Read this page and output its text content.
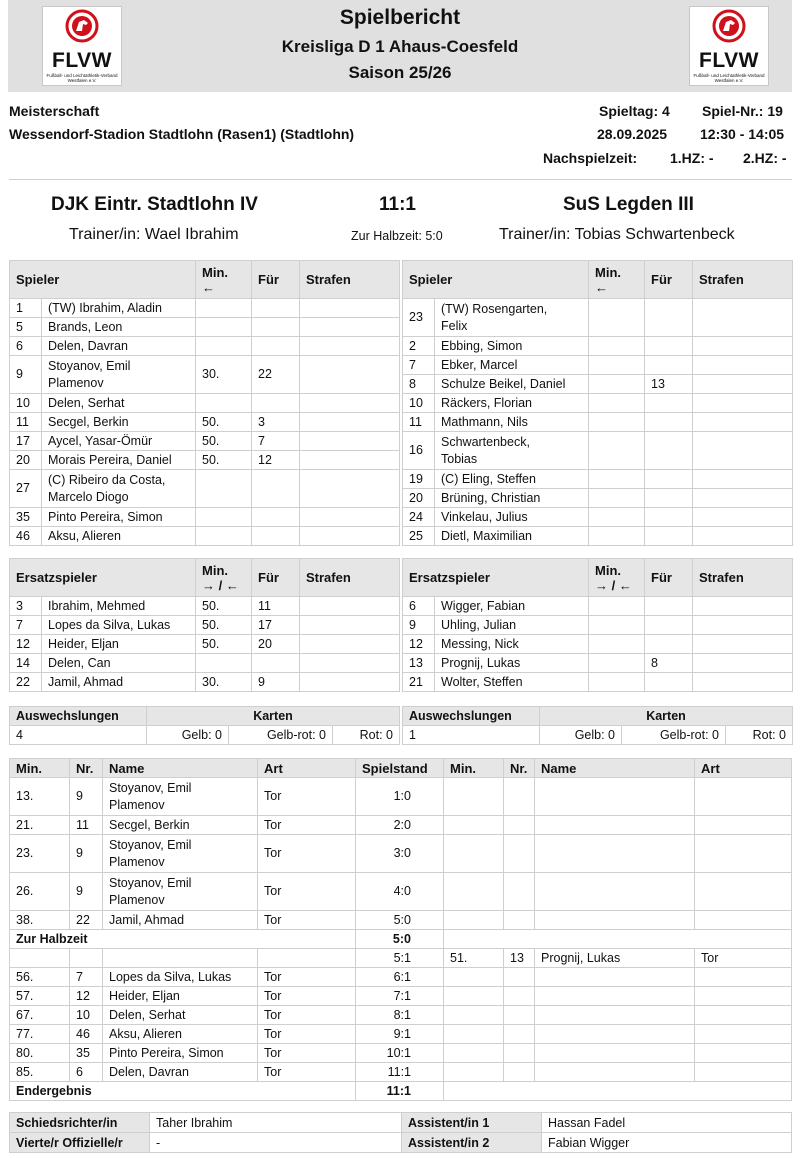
FLVW
Fußball- und Leichtathletik-Verband Westfalen e.V.
Spielbericht
Kreisliga D 1 Ahaus-Coesfeld
Saison 25/26
FLVW
Fußball- und Leichtathletik-Verband Westfalen e.V.
Meisterschaft
Wessendorf-Stadion Stadtlohn (Rasen1) (Stadtlohn)
Spieltag: 4 Spiel-Nr.: 19
28.09.2025 12:30 - 14:05
Nachspielzeit: 1.HZ: - 2.HZ: -
DJK Eintr. Stadtlohn IV	11:1	SuS Legden III
Trainer/in: Wael Ibrahim	Zur Halbzeit: 5:0	Trainer/in: Tobias Schwartenbeck
Spieler		Min.
←	Für	Strafen
1	(TW) Ibrahim, Aladin			
5	Brands, Leon			
6	Delen, Davran			
9	Stoyanov, Emil
Plamenov	30.	22	
10	Delen, Serhat			
11	Secgel, Berkin	50.	3	
17	Aycel, Yasar-Ömür	50.	7	
20	Morais Pereira, Daniel	50.	12	
27	(C) Ribeiro da Costa,
Marcelo Diogo			
35	Pinto Pereira, Simon			
46	Aksu, Alieren			
Spieler		Min.
←	Für	Strafen
23	(TW) Rosengarten,
Felix			
2	Ebbing, Simon			
7	Ebker, Marcel			
8	Schulze Beikel, Daniel		13	
10	Räckers, Florian			
11	Mathmann, Nils			
16	Schwartenbeck,
Tobias			
19	(C) Eling, Steffen			
20	Brüning, Christian			
24	Vinkelau, Julius			
25	Dietl, Maximilian			
Ersatzspieler		Min.
→ / ←	Für	Strafen
3	Ibrahim, Mehmed	50.	11	
7	Lopes da Silva, Lukas	50.	17	
12	Heider, Eljan	50.	20	
14	Delen, Can			
22	Jamil, Ahmad	30.	9	
Ersatzspieler		Min.
→ / ←	Für	Strafen
6	Wigger, Fabian			
9	Uhling, Julian			
12	Messing, Nick			
13	Prognij, Lukas		8	
21	Wolter, Steffen			
Auswechslungen	Karten		
4	Gelb: 0	Gelb-rot: 0	Rot: 0
Auswechslungen	Karten		
1	Gelb: 0	Gelb-rot: 0	Rot: 0
Min.	Nr.	Name	Art	Spielstand	Min.	Nr.	Name	Art
13.	9	Stoyanov, Emil
Plamenov	Tor	1:0				
21.	11	Secgel, Berkin	Tor	2:0				
23.	9	Stoyanov, Emil
Plamenov	Tor	3:0				
26.	9	Stoyanov, Emil
Plamenov	Tor	4:0				
38.	22	Jamil, Ahmad	Tor	5:0				
Zur Halbzeit				5:0				
				5:1	51.	13	Prognij, Lukas	Tor
56.	7	Lopes da Silva, Lukas	Tor	6:1				
57.	12	Heider, Eljan	Tor	7:1				
67.	10	Delen, Serhat	Tor	8:1				
77.	46	Aksu, Alieren	Tor	9:1				
80.	35	Pinto Pereira, Simon	Tor	10:1				
85.	6	Delen, Davran	Tor	11:1				
Endergebnis				11:1				
Schiedsrichter/in	Taher Ibrahim	Assistent/in 1	Hassan Fadel
Vierte/r Offizielle/r	-	Assistent/in 2	Fabian Wigger
